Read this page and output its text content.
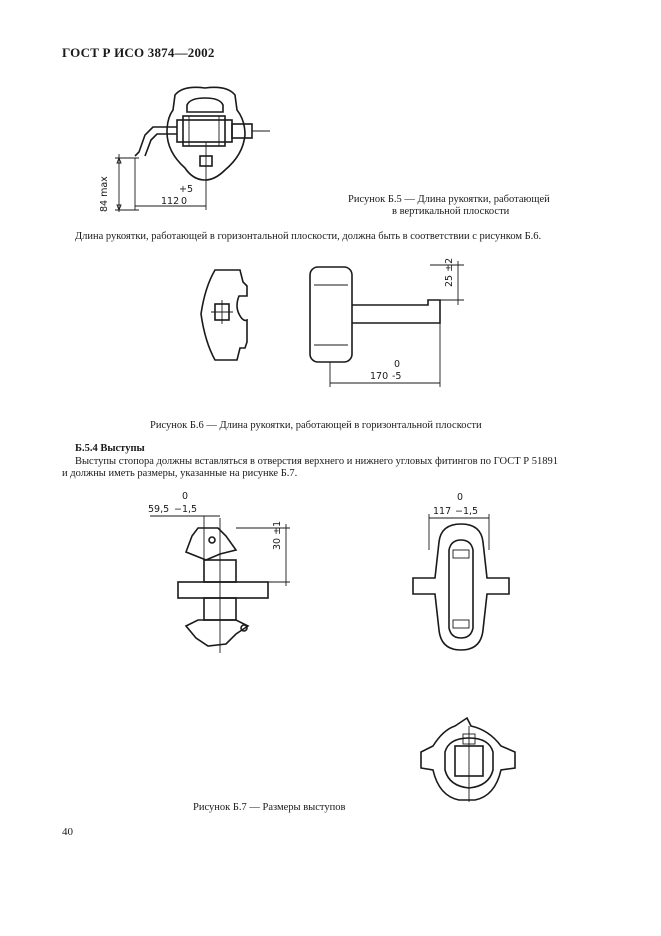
ГОСТ Р ИСО 3874—2002
84 max	112
+5
0	Рисунок Б.5 — Длина рукоятки, работающей
в вертикальной плоскости
Длина рукоятки, работающей в горизонтальной плоскости, должна быть в соответствии с рисунком Б.6.
25 ±2
0
170 -5
Рисунок Б.6 — Длина рукоятки, работающей в горизонтальной плоскости
Б.5.4 Выступы
Выступы стопора должны вставляться в отверстия верхнего и нижнего угловых фитингов по ГОСТ Р 51891
и должны иметь размеры, указанные на рисунке Б.7.
0
59,5 −1,5
30 ±1
0
117 −1,5
Рисунок Б.7 — Размеры выступов
40
